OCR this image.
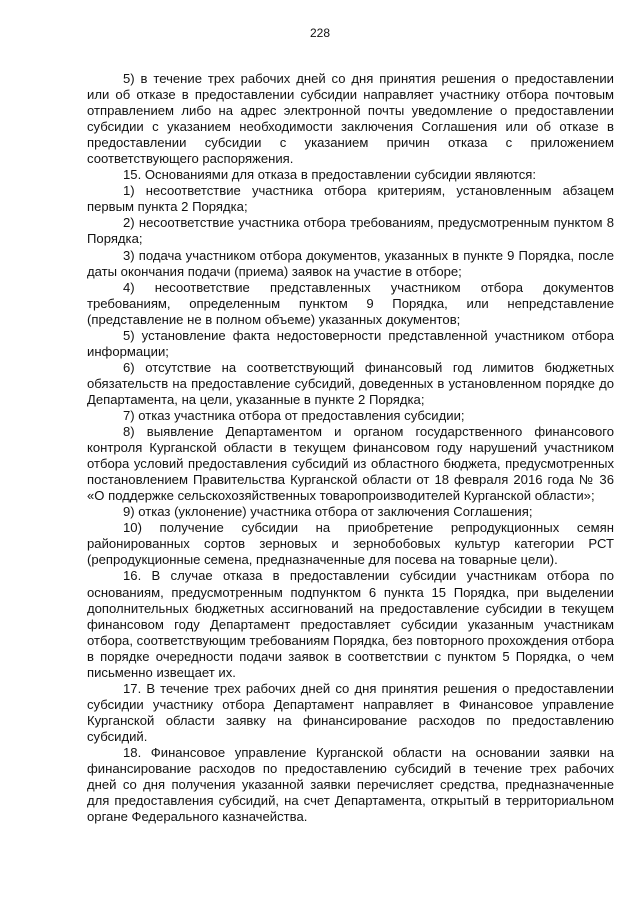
228

5) в течение трех рабочих дней со дня принятия решения о предоставлении или об отказе в предоставлении субсидии направляет участнику отбора почтовым отправлением либо на адрес электронной почты уведомление о предоставлении субсидии с указанием необходимости заключения Соглашения или об отказе в предоставлении субсидии с указанием причин отказа с приложением соответствующего распоряжения.

15. Основаниями для отказа в предоставлении субсидии являются:

1) несоответствие участника отбора критериям, установленным абзацем первым пункта 2 Порядка;

2) несоответствие участника отбора требованиям, предусмотренным пунктом 8 Порядка;

3) подача участником отбора документов, указанных в пункте 9 Порядка, после даты окончания подачи (приема) заявок на участие в отборе;

4) несоответствие представленных участником отбора документов требованиям, определенным пунктом 9 Порядка, или непредставление (представление не в полном объеме) указанных документов;

5) установление факта недостоверности представленной участником отбора информации;

6) отсутствие на соответствующий финансовый год лимитов бюджетных обязательств на предоставление субсидий, доведенных в установленном порядке до Департамента, на цели, указанные в пункте 2 Порядка;

7) отказ участника отбора от предоставления субсидии;

8) выявление Департаментом и органом государственного финансового контроля Курганской области в текущем финансовом году нарушений участником отбора условий предоставления субсидий из областного бюджета, предусмотренных постановлением Правительства Курганской области от 18 февраля 2016 года № 36 «О поддержке сельскохозяйственных товаропроизводителей Курганской области»;

9) отказ (уклонение) участника отбора от заключения Соглашения;

10) получение субсидии на приобретение репродукционных семян районированных сортов зерновых и зернобобовых культур категории РСТ (репродукционные семена, предназначенные для посева на товарные цели).

16. В случае отказа в предоставлении субсидии участникам отбора по основаниям, предусмотренным подпунктом 6 пункта 15 Порядка, при выделении дополнительных бюджетных ассигнований на предоставление субсидии в текущем финансовом году Департамент предоставляет субсидии указанным участникам отбора, соответствующим требованиям Порядка, без повторного прохождения отбора в порядке очередности подачи заявок в соответствии с пунктом 5 Порядка, о чем письменно извещает их.

17. В течение трех рабочих дней со дня принятия решения о предоставлении субсидии участнику отбора Департамент направляет в Финансовое управление Курганской области заявку на финансирование расходов по предоставлению субсидий.

18. Финансовое управление Курганской области на основании заявки на финансирование расходов по предоставлению субсидий в течение трех рабочих дней со дня получения указанной заявки перечисляет средства, предназначенные для предоставления субсидий, на счет Департамента, открытый в территориальном органе Федерального казначейства.
